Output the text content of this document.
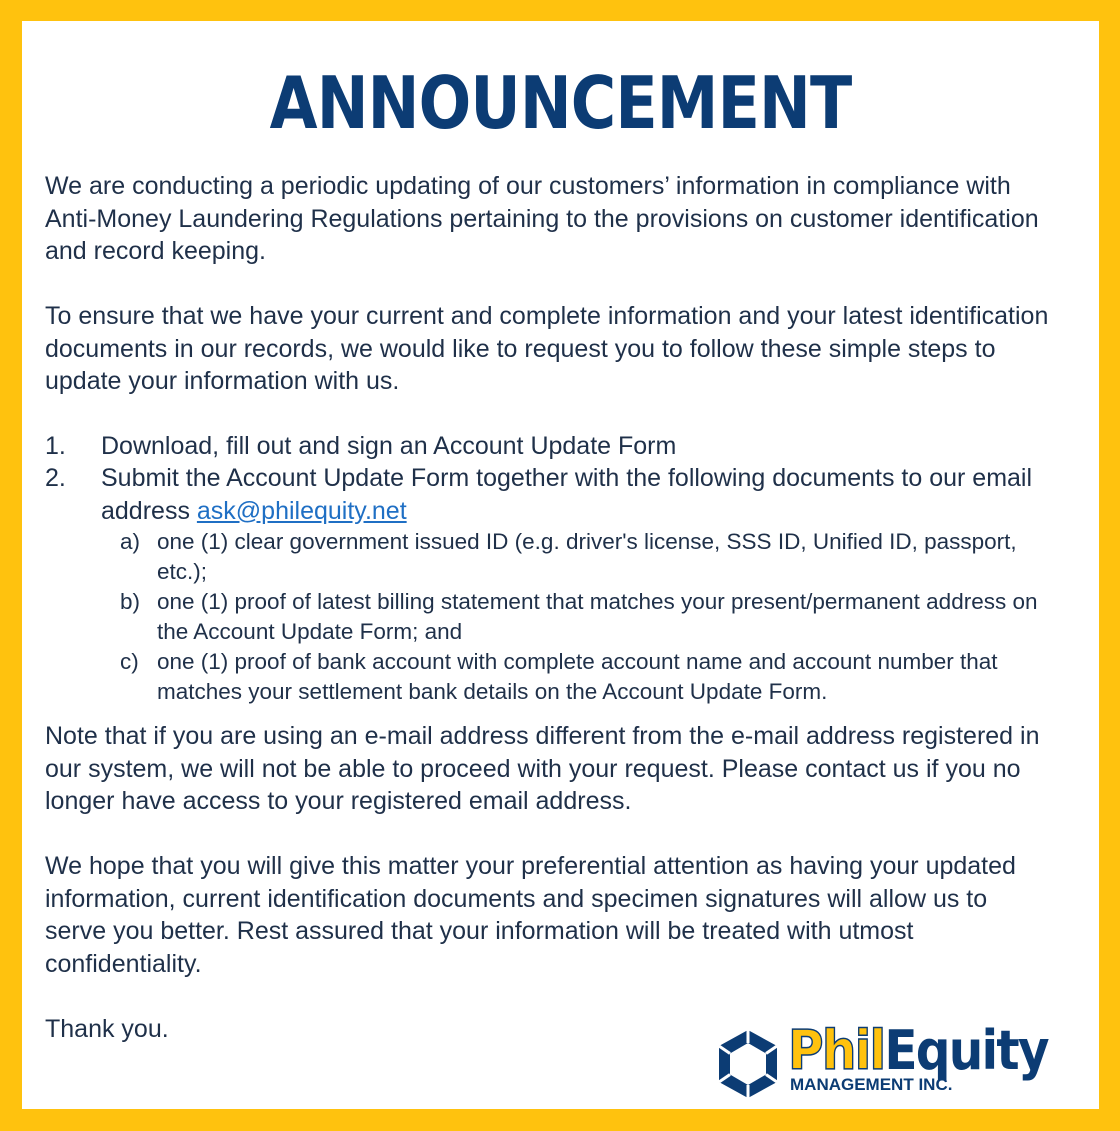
ANNOUNCEMENT
We are conducting a periodic updating of our customers’ information in compliance with Anti-Money Laundering Regulations pertaining to the provisions on customer identification and record keeping.
To ensure that we have your current and complete information and your latest identification documents in our records, we would like to request you to follow these simple steps to update your information with us.
1. Download, fill out and sign an Account Update Form
2. Submit the Account Update Form together with the following documents to our email address ask@philequity.net
a) one (1) clear government issued ID (e.g. driver's license, SSS ID, Unified ID, passport, etc.);
b) one (1) proof of latest billing statement that matches your present/permanent address on the Account Update Form; and
c) one (1) proof of bank account with complete account name and account number that matches your settlement bank details on the Account Update Form.
Note that if you are using an e-mail address different from the e-mail address registered in our system, we will not be able to proceed with your request. Please contact us if you no longer have access to your registered email address.
We hope that you will give this matter your preferential attention as having your updated information, current identification documents and specimen signatures will allow us to serve you better. Rest assured that your information will be treated with utmost confidentiality.
Thank you.	PhilEquity
MANAGEMENT INC.
